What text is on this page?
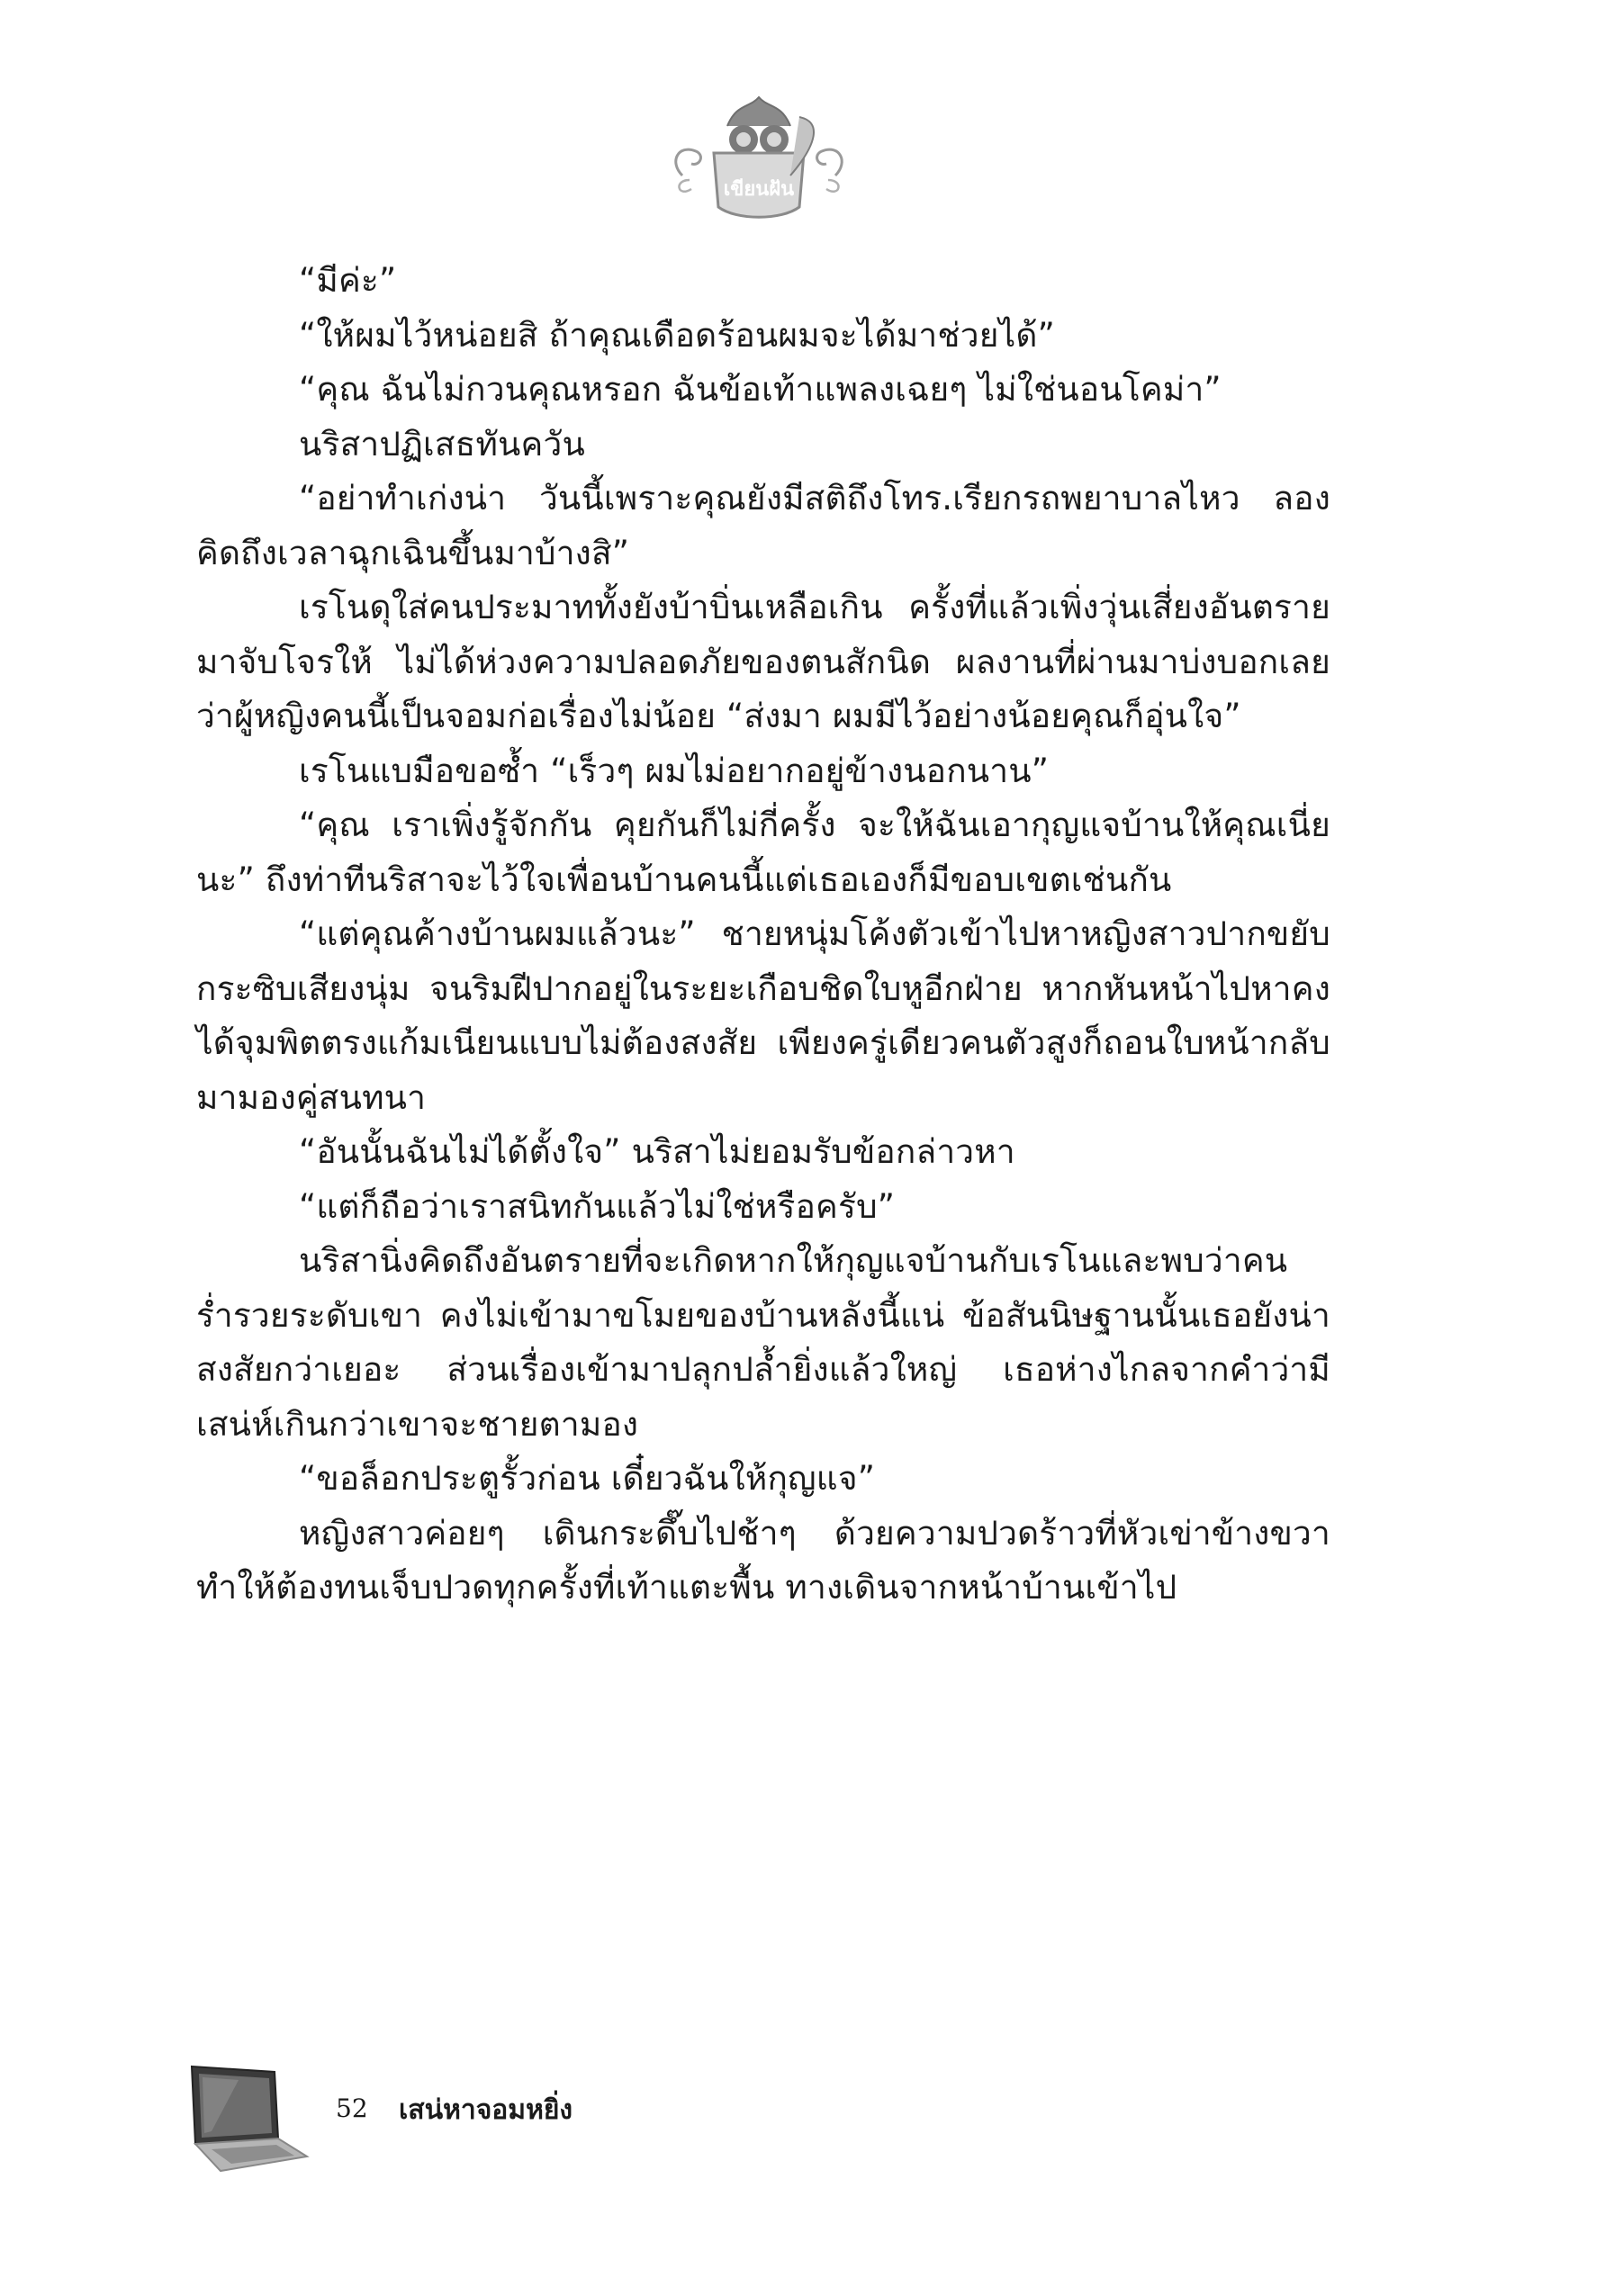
เขียนฝัน

“มีค่ะ”

“ให้ผมไว้หน่อยสิ ถ้าคุณเดือดร้อนผมจะได้มาช่วยได้”

“คุณ ฉันไม่กวนคุณหรอก ฉันข้อเท้าแพลงเฉยๆ ไม่ใช่นอนโคม่า”

นริสาปฏิเสธทันควัน

“อย่าทำเก่งน่า วันนี้เพราะคุณยังมีสติถึงโทร.เรียกรถพยาบาลไหว ลองคิดถึงเวลาฉุกเฉินขึ้นมาบ้างสิ”

เรโนดุใส่คนประมาททั้งยังบ้าบิ่นเหลือเกิน ครั้งที่แล้วเพิ่งวุ่นเสี่ยงอันตรายมาจับโจรให้ ไม่ได้ห่วงความปลอดภัยของตนสักนิด ผลงานที่ผ่านมาบ่งบอกเลยว่าผู้หญิงคนนี้เป็นจอมก่อเรื่องไม่น้อย “ส่งมา ผมมีไว้อย่างน้อยคุณก็อุ่นใจ”

เรโนแบมือขอซ้ำ “เร็วๆ ผมไม่อยากอยู่ข้างนอกนาน”

“คุณ เราเพิ่งรู้จักกัน คุยกันก็ไม่กี่ครั้ง จะให้ฉันเอากุญแจบ้านให้คุณเนี่ยนะ” ถึงท่าทีนริสาจะไว้ใจเพื่อนบ้านคนนี้แต่เธอเองก็มีขอบเขตเช่นกัน

“แต่คุณค้างบ้านผมแล้วนะ” ชายหนุ่มโค้งตัวเข้าไปหาหญิงสาวปากขยับกระซิบเสียงนุ่ม จนริมฝีปากอยู่ในระยะเกือบชิดใบหูอีกฝ่าย หากหันหน้าไปหาคงได้จุมพิตตรงแก้มเนียนแบบไม่ต้องสงสัย เพียงครู่เดียวคนตัวสูงก็ถอนใบหน้ากลับมามองคู่สนทนา

“อันนั้นฉันไม่ได้ตั้งใจ” นริสาไม่ยอมรับข้อกล่าวหา

“แต่ก็ถือว่าเราสนิทกันแล้วไม่ใช่หรือครับ”

นริสานิ่งคิดถึงอันตรายที่จะเกิดหากให้กุญแจบ้านกับเรโนและพบว่าคนร่ำรวยระดับเขา คงไม่เข้ามาขโมยของบ้านหลังนี้แน่ ข้อสันนิษฐานนั้นเธอยังน่าสงสัยกว่าเยอะ ส่วนเรื่องเข้ามาปลุกปล้ำยิ่งแล้วใหญ่ เธอห่างไกลจากคำว่ามีเสน่ห์เกินกว่าเขาจะชายตามอง

“ขอล็อกประตูรั้วก่อน เดี๋ยวฉันให้กุญแจ”

หญิงสาวค่อยๆ เดินกระดึ๊บไปช้าๆ ด้วยความปวดร้าวที่หัวเข่าข้างขวาทำให้ต้องทนเจ็บปวดทุกครั้งที่เท้าแตะพื้น ทางเดินจากหน้าบ้านเข้าไป

52 เสน่หาจอมหยิ่ง
